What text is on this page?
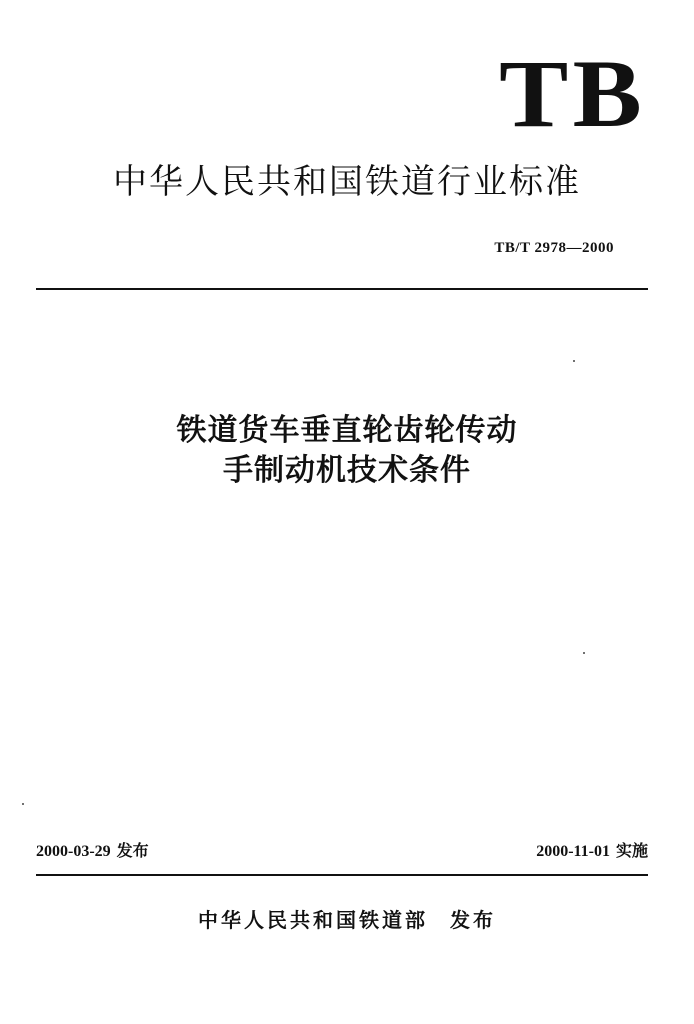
TB
中华人民共和国铁道行业标准
TB/T 2978—2000
铁道货车垂直轮齿轮传动
手制动机技术条件
2000-03-29 发布	2000-11-01 实施
中华人民共和国铁道部 发布
